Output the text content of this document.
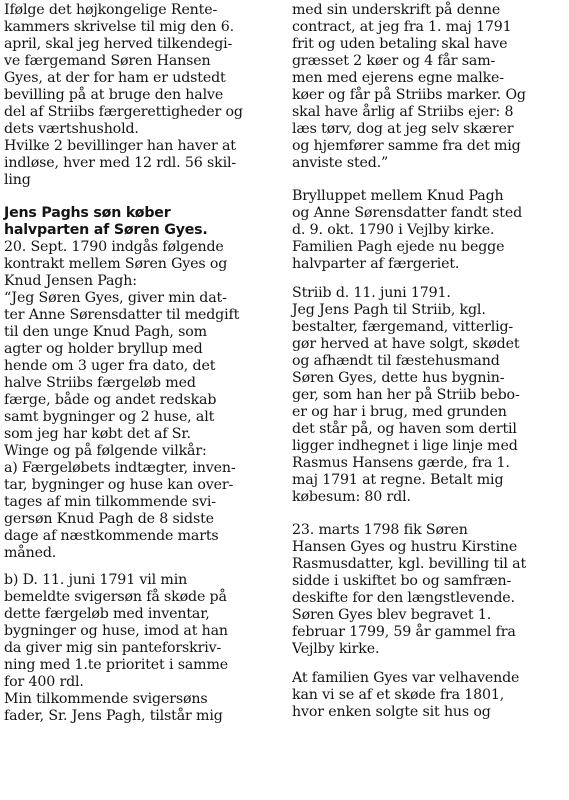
Ifølge det højkongelige Rente-
kammers skrivelse til mig den 6.
april, skal jeg herved tilkendegi-
ve færgemand Søren Hansen
Gyes, at der for ham er udstedt
bevilling på at bruge den halve
del af Striibs færgerettigheder og
dets værtshushold.
Hvilke 2 bevillinger han haver at
indløse, hver med 12 rdl. 56 skil-
ling
Jens Paghs søn køber
halvparten af Søren Gyes.
20. Sept. 1790 indgås følgende
kontrakt mellem Søren Gyes og
Knud Jensen Pagh:
“Jeg Søren Gyes, giver min dat-
ter Anne Sørensdatter til medgift
til den unge Knud Pagh, som
agter og holder bryllup med
hende om 3 uger fra dato, det
halve Striibs færgeløb med
færge, både og andet redskab
samt bygninger og 2 huse, alt
som jeg har købt det af Sr.
Winge og på følgende vilkår:
a) Færgeløbets indtægter, inven-
tar, bygninger og huse kan over-
tages af min tilkommende svi-
gersøn Knud Pagh de 8 sidste
dage af næstkommende marts
måned.
b) D. 11. juni 1791 vil min
bemeldte svigersøn få skøde på
dette færgeløb med inventar,
bygninger og huse, imod at han
da giver mig sin panteforskriv-
ning med 1.te prioritet i samme
for 400 rdl.
Min tilkommende svigersøns
fader, Sr. Jens Pagh, tilstår mig
med sin underskrift på denne
contract, at jeg fra 1. maj 1791
frit og uden betaling skal have
græsset 2 køer og 4 får sam-
men med ejerens egne malke-
køer og får på Striibs marker. Og
skal have årlig af Striibs ejer: 8
læs tørv, dog at jeg selv skærer
og hjemfører samme fra det mig
anviste sted.”
Brylluppet mellem Knud Pagh
og Anne Sørensdatter fandt sted
d. 9. okt. 1790 i Vejlby kirke.
Familien Pagh ejede nu begge
halvparter af færgeriet.
Striib d. 11. juni 1791.
Jeg Jens Pagh til Striib, kgl.
bestalter, færgemand, vitterlig-
gør herved at have solgt, skødet
og afhændt til fæstehusmand
Søren Gyes, dette hus bygnin-
ger, som han her på Striib bebo-
er og har i brug, med grunden
det står på, og haven som dertil
ligger indhegnet i lige linje med
Rasmus Hansens gærde, fra 1.
maj 1791 at regne. Betalt mig
købesum: 80 rdl.
23. marts 1798 fik Søren
Hansen Gyes og hustru Kirstine
Rasmusdatter, kgl. bevilling til at
sidde i uskiftet bo og samfræn-
deskifte for den længstlevende.
Søren Gyes blev begravet 1.
februar 1799, 59 år gammel fra
Vejlby kirke.
At familien Gyes var velhavende
kan vi se af et skøde fra 1801,
hvor enken solgte sit hus og
